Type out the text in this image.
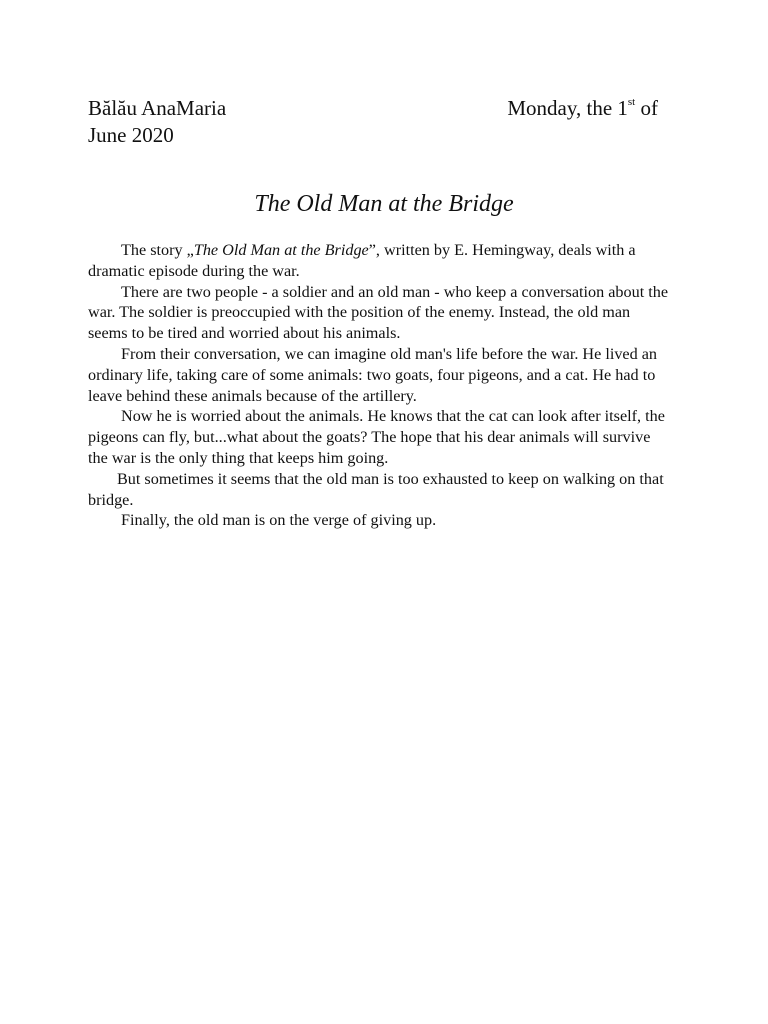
Bălău AnaMaria	Monday, the 1st of
June 2020
The Old Man at the Bridge

The story „The Old Man at the Bridge”, written by E. Hemingway, deals with a dramatic episode during the war.

There are two people - a soldier and an old man - who keep a conversation about the war. The soldier is preoccupied with the position of the enemy. Instead, the old man seems to be tired and worried about his animals.

From their conversation, we can imagine old man's life before the war. He lived an ordinary life, taking care of some animals: two goats, four pigeons, and a cat. He had to leave behind these animals because of the artillery.

Now he is worried about the animals. He knows that the cat can look after itself, the pigeons can fly, but...what about the goats? The hope that his dear animals will survive the war is the only thing that keeps him going.

But sometimes it seems that the old man is too exhausted to keep on walking on that bridge.

Finally, the old man is on the verge of giving up.
